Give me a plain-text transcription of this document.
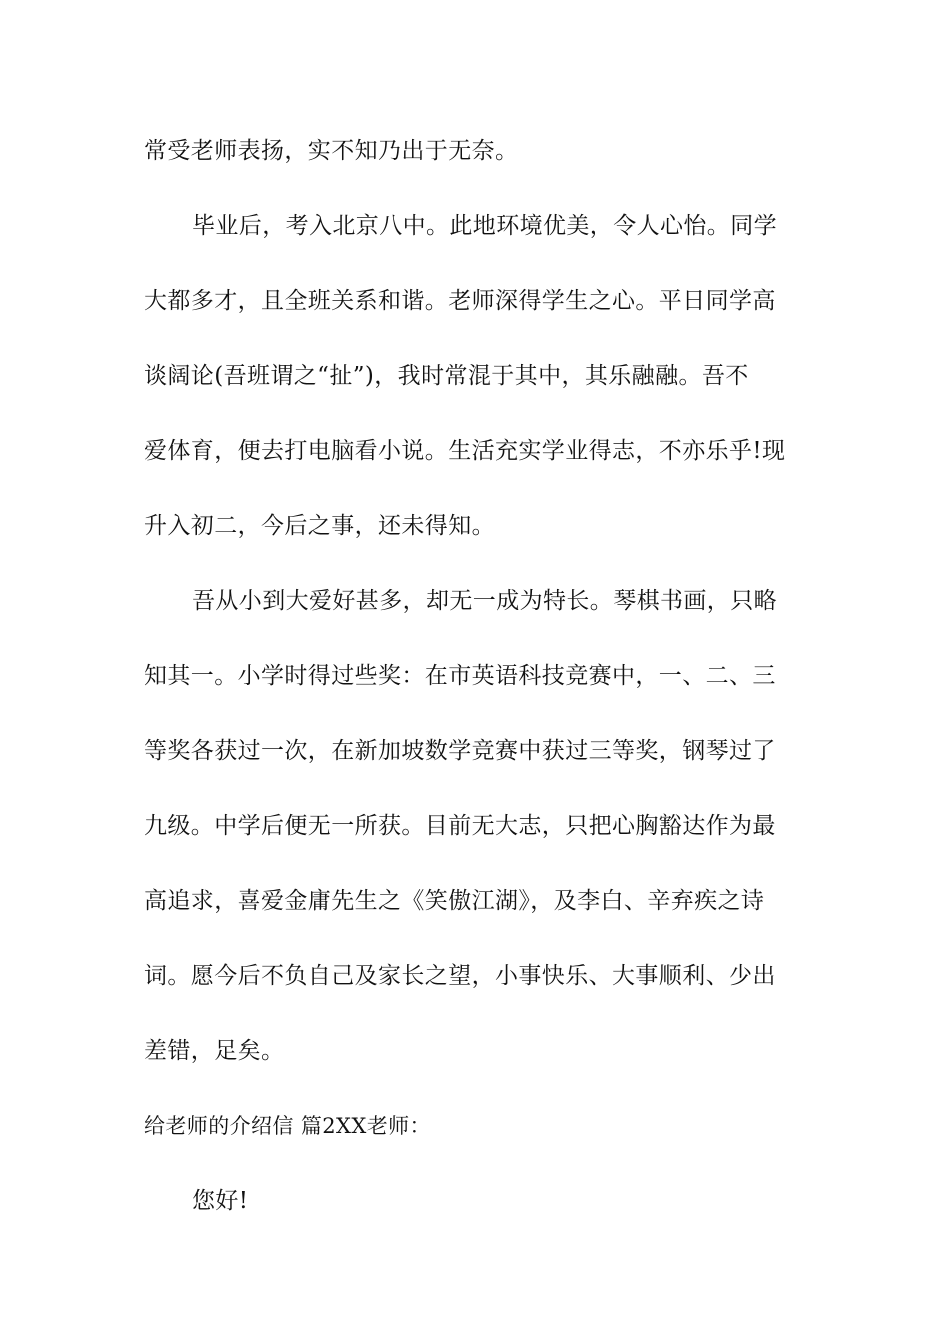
常受老师表扬，实不知乃出于无奈。
毕业后，考入北京八中。此地环境优美，令人心怡。同学
大都多才，且全班关系和谐。老师深得学生之心。平日同学高
谈阔论(吾班谓之“扯”)，我时常混于其中，其乐融融。吾不
爱体育，便去打电脑看小说。生活充实学业得志，不亦乐乎!现
升入初二，今后之事，还未得知。
吾从小到大爱好甚多，却无一成为特长。琴棋书画，只略
知其一。小学时得过些奖：在市英语科技竞赛中，一、二、三
等奖各获过一次，在新加坡数学竞赛中获过三等奖，钢琴过了
九级。中学后便无一所获。目前无大志，只把心胸豁达作为最
高追求，喜爱金庸先生之《笑傲江湖》，及李白、辛弃疾之诗
词。愿今后不负自己及家长之望，小事快乐、大事顺利、少出
差错，足矣。
给老师的介绍信 篇2XX老师：
您好!
